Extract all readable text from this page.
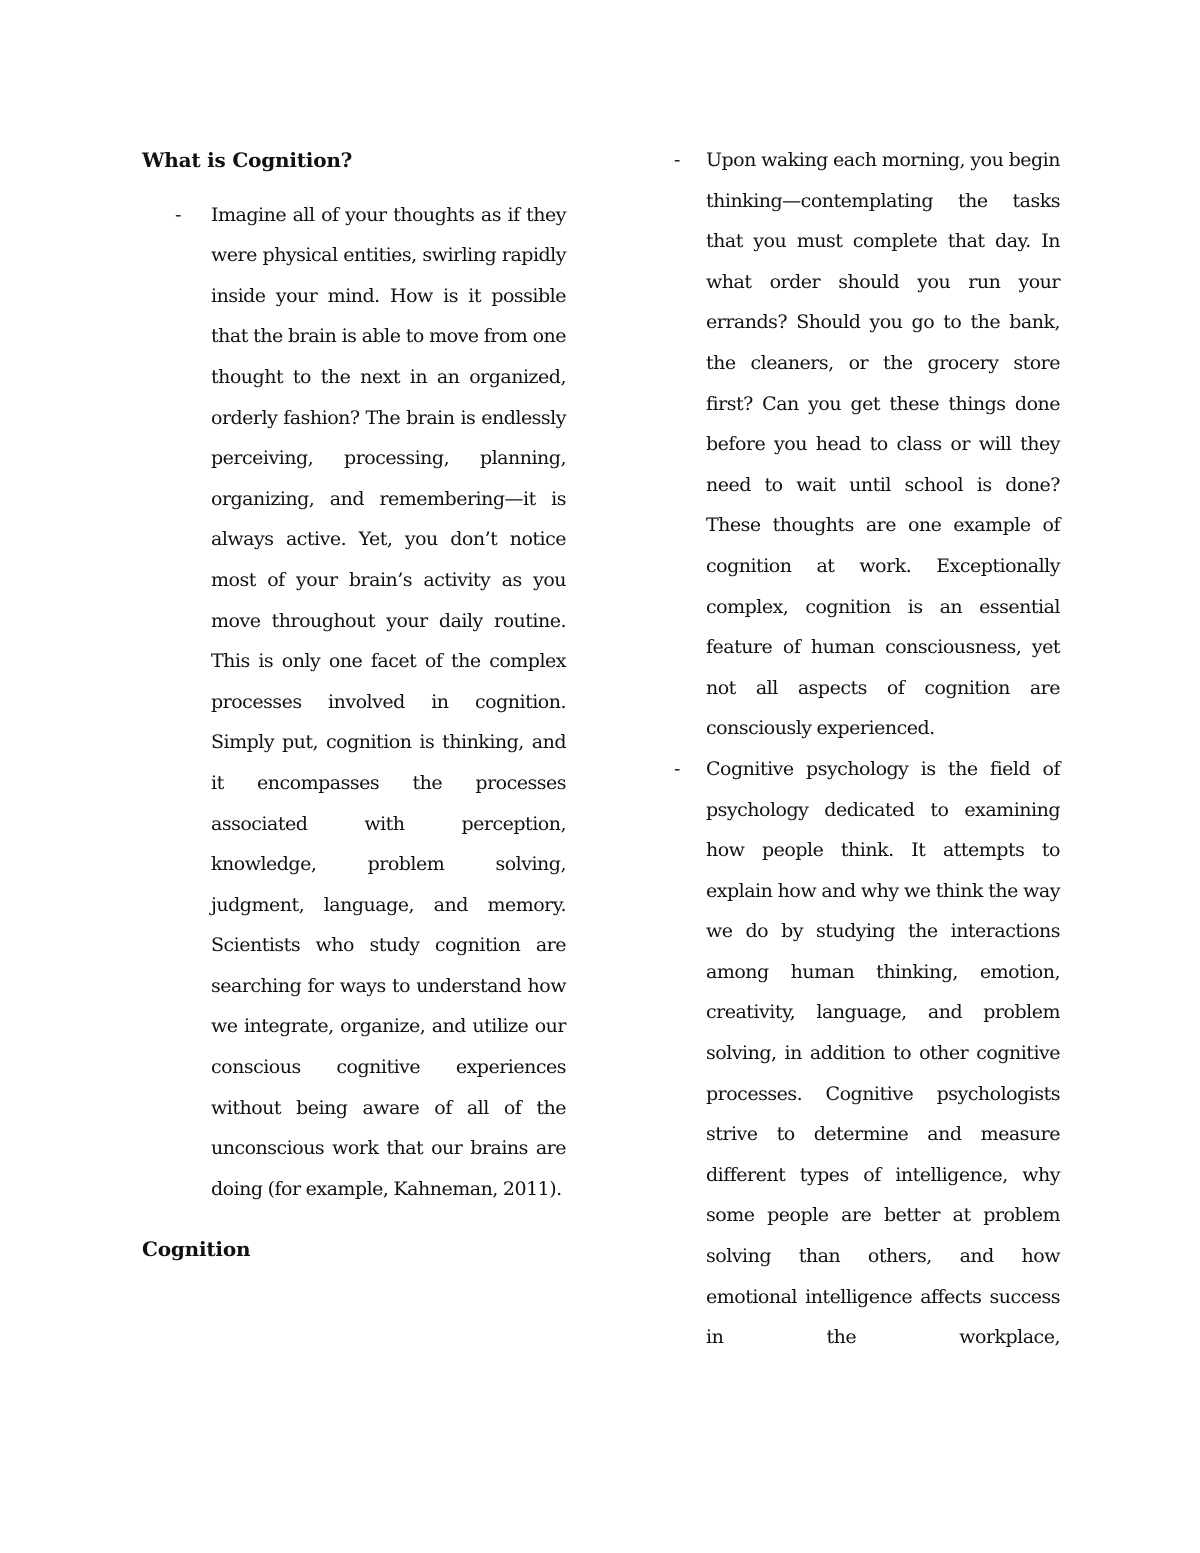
What is Cognition?

-	Imagine all of your thoughts as if they were physical entities, swirling rapidly inside your mind. How is it possible that the brain is able to move from one thought to the next in an organized, orderly fashion? The brain is endlessly perceiving, processing, planning, organizing, and remembering—it is always active. Yet, you don’t notice most of your brain’s activity as you move throughout your daily routine. This is only one facet of the complex processes involved in cognition. Simply put, cognition is thinking, and it encompasses the processes associated with perception, knowledge, problem solving, judgment, language, and memory. Scientists who study cognition are searching for ways to understand how we integrate, organize, and utilize our conscious cognitive experiences without being aware of all of the unconscious work that our brains are doing (for example, Kahneman, 2011).

Cognition

-	Upon waking each morning, you begin thinking—contemplating the tasks that you must complete that day. In what order should you run your errands? Should you go to the bank, the cleaners, or the grocery store first? Can you get these things done before you head to class or will they need to wait until school is done? These thoughts are one example of cognition at work. Exceptionally complex, cognition is an essential feature of human consciousness, yet not all aspects of cognition are consciously experienced.

-	Cognitive psychology is the field of psychology dedicated to examining how people think. It attempts to explain how and why we think the way we do by studying the interactions among human thinking, emotion, creativity, language, and problem solving, in addition to other cognitive processes. Cognitive psychologists strive to determine and measure different types of intelligence, why some people are better at problem solving than others, and how emotional intelligence affects success in the workplace,
